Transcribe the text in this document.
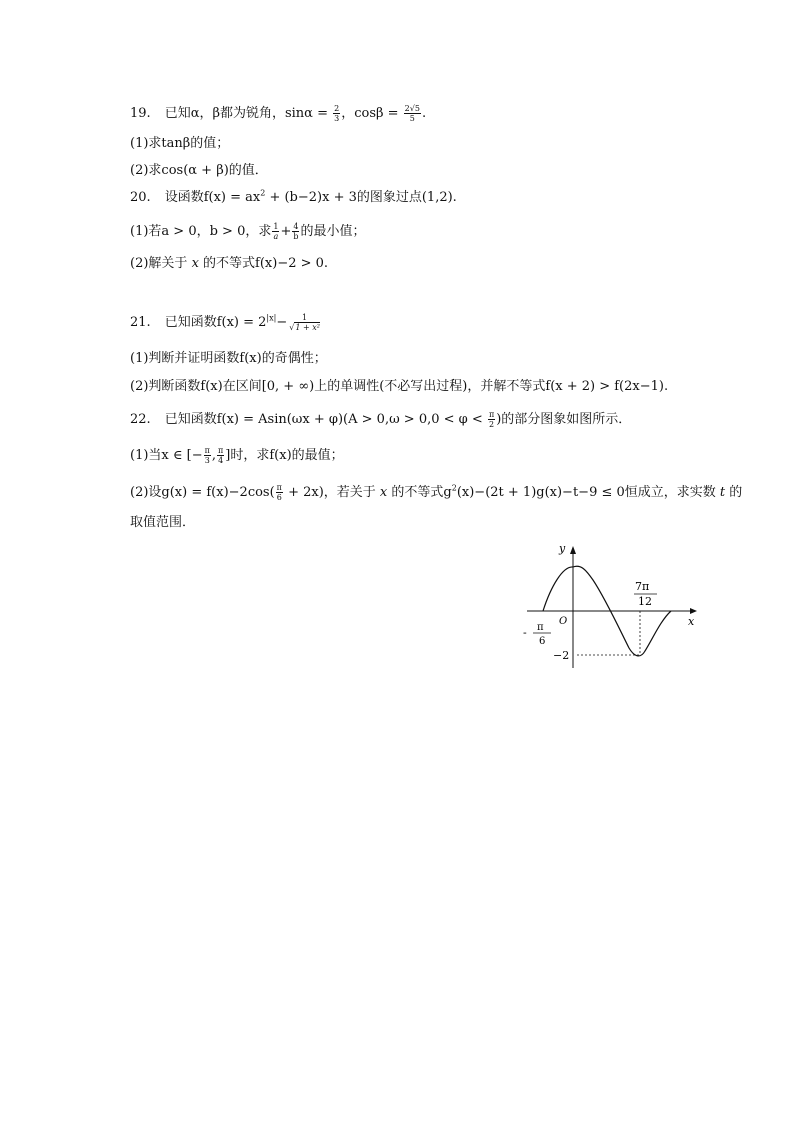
19. 已知α，β都为锐角，$\sin\alpha = \frac{2}{3}$ ，$\cos\beta = \frac{2√5}{5}$ .
(1)求tanβ的值；
(2)求cos(α + β)的值．
20. 设函数$f(x) = ax^2 + (b-2)x + 3$的图象过点(1,2).
(1)若a > 0，b > 0，求 $\frac{1}{a} + \frac{4}{b}$ 的最小值；
(2)解关于 x 的不等式f(x)−2 > 0.
21. 已知函数$f(x) = 2^{|x|}- \frac{1}{\text{√1 + x²}}$
(1)判断并证明函数f(x)的奇偶性；
(2)判断函数f(x)在区间[0, + ∞)上的单调性(不必写出过程)，并解不等式f(x + 2) > f(2x−1).
22. 已知函数$f(x) = Asin(\omega x + \varphi)(A > 0,\omega > 0,0 < \varphi < \frac{\pi}{2}$ )的部分图象如图所示．
(1)当x ∈ [− $\frac{\pi}{3}$ , $\frac{\pi}{4}$ ]时，求f(x)的最值；
(2)设$g(x) = f(x)-2\cos( \frac{\pi}{6} + 2x)$，若关于 x 的不等式$g^2(x)-(2t + 1)g(x)-t-9 \le 0$恒成立，求实数 t 的
取值范围．
y
x
O
- π
6
7π
12
−2
